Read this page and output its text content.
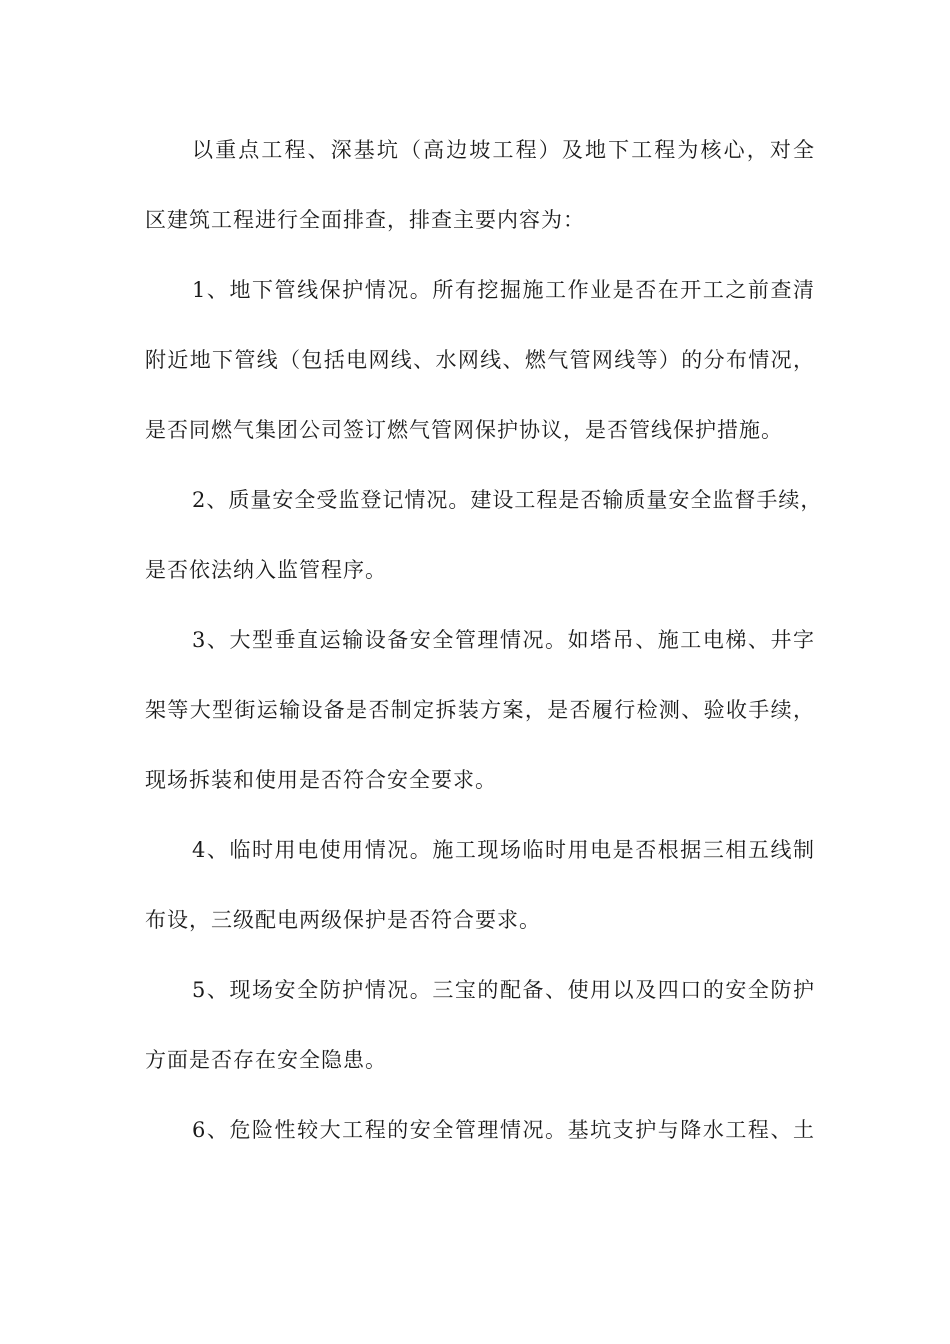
以重点工程、深基坑（高边坡工程）及地下工程为核心，对全
区建筑工程进行全面排查，排查主要内容为：
1、地下管线保护情况。所有挖掘施工作业是否在开工之前查清
附近地下管线（包括电网线、水网线、燃气管网线等）的分布情况，
是否同燃气集团公司签订燃气管网保护协议，是否管线保护措施。
2、质量安全受监登记情况。建设工程是否输质量安全监督手续，
是否依法纳入监管程序。
3、大型垂直运输设备安全管理情况。如塔吊、施工电梯、井字
架等大型街运输设备是否制定拆装方案，是否履行检测、验收手续，
现场拆装和使用是否符合安全要求。
4、临时用电使用情况。施工现场临时用电是否根据三相五线制
布设，三级配电两级保护是否符合要求。
5、现场安全防护情况。三宝的配备、使用以及四口的安全防护
方面是否存在安全隐患。
6、危险性较大工程的安全管理情况。基坑支护与降水工程、土
